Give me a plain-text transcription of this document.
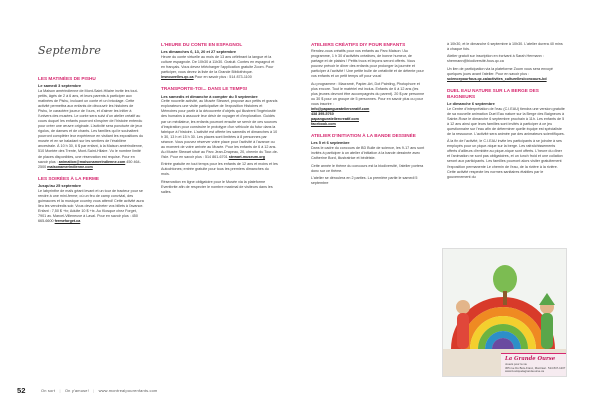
Septembre
LES MATINÉES DE PISHU
Le samedi 3 septembre

La Maison amérindienne de Mont-Saint-Hilaire invite les tout-petits, âgés de 2 à 6 ans, et leurs parents à participer aux matinées de Pishu, incluant un conte et un bricolage. Cette activité permettra aux enfants de découvrir les histoires de Pishu, le caractère joueur de l'ours, et d'aimer les initier à l'univers des musées. Le conte sera suivi d'un atelier créatif au cours duquel les enfants pourront s'inspirer de l'histoire entendu pour créer une œuvre originale. L'activité sera ponctuée de jeux rigolos, de danses et de chants. Les familles qui le souhaitent pourront compléter leur expérience en visitant les expositions du musée et en se baladant sur les sentiers de l'érablière ancestrale. À 10 h 30, 6 $ par enfant, à la Maison amérindienne, 510 Montée des Trente, Mont-Saint-Hilaire. Vu le nombre limité de places disponibles, une réservation est requise. Pour en savoir plus : animation@maisonamerindienne.com 450 464-2500 maisonamerindienne.com

LES SOIRÉES À LA FERME
Jusqu'au 25 septembre

Le labyrinthe de maïs géant levant et un tour de tracteur pour se rendre à une mini-ferme; où un feu de camp convivial, des guimauves et la musique country vous attend! Cette activité aura lieu les vendredis soir. Vous devez acheter vos billets à l'avance. Enfant : 7,50 $ +tx; Adulte 10 $ +tx. Au Kiosque chez Forget, 7901 av. Marcel-Villeneuve à Laval. Pour en savoir plus : 450 665-6600 fermeforget.ca

L'HEURE DU CONTE EN ESPAGNOL
Les dimanches 6, 13, 20 et 27 septembre

Heure du conte virtuelle au mois de 13 ans célébrant la langue et la culture espagnole. De 10h30 à 11h30. Gratuit. Contes en espagnol et en français. Vous devez télécharger l'application gratuite Zoom. Pour participer, vous devez la liste de la Grande Bibliothèque. lesnouvelles.qc.ca Pour en savoir plus : 514 873-1100

TRANSPORTE-TOI... DANS LE TEMPS!
Les samedis et dimanche à compter du 5 septembre

Cette nouvelle activité, au Musée Stewart, propose aux petits et grands explorateurs une visite participative de l'exposition Histoires et Mémoires pour partir à la découverte d'objets qui illustrent l'ingéniosité des humains à assouvir leur désir de voyager et d'exploration. Guidés par un médiateur, les enfants pourront ensuite se servir de ces sources d'inspiration pour construire le prototype d'un véhicule du futur dans la fabrique à l'histoire. L'activité est offerte les samedis et dimanches à 10 h 30, 13 h et 15 h 30. Les places sont limitées à 8 personnes par séance. Vous pouvez réserver votre place pour l'activité à l'avance ou au moment de votre arrivée au Musée. Pour les enfants de 6 à 12 ans. Au Musée Stewart situé au Parc Jean-Drapeau, 20, chemin du Tour-de-l'Isle. Pour en savoir plus : 514 861-6701 stewart-museum.org

Entrée gratuite en tout temps pour les enfants de 12 ans et moins et les Autochtones; entrée gratuite pour tous les premiers dimanches du mois.

Réservation en ligne obligatoire pour le Musée via la plateforme Eventbrite afin de respecter le nombre maximal de visiteurs dans les salles.

ATELIERS CRÉATIFS DIY POUR ENFANTS

Rendez-vous créatifs pour vos enfants au Parc Maison ! Au programme, 1 h 30 d'activités créatives, de bonne humeur, de partage et de plaisirs ! Petits trucs et leçons seront offerts. Vous pouvez prévoir le dîner des enfants pour prolonger la journée et participer à l'activité ! Une petite bulle de créativité et de détente pour vos enfants et un petit temps off pour vous!

Au programme : Macramé, Papier-Art, Dot Painting, Photophore et plus encore. Tout le matériel est inclus. Enfants de 6 à 12 ans (les plus jeunes devront être accompagnés du parent). 20 $ par personne ou 30 $ pour un groupe de 5 personnes. Pour en savoir plus ou pour vous inscrire :
info@papangueateliercreatif.com
438 395-5760
papangueateliercreatif.com
facebook.com

ATELIER D'INITIATION À LA BANDE DESSINÉE
Les 5 et 6 septembre

Dans le cadre du concours de BD Bulle de science, les 9-17 ans sont invités à participer à un atelier d'initiation à la bande dessinée avec Catherine Bord, illustratrice et bédéiste.

Cette année le thème du concours est la biodiversité, l'atelier portera donc sur ce thème.

L'atelier se déroulera en 2 parties. La première partie le samedi 5 septembre

à 10h30, et le dimanche 6 septembre à 10h30. L'atelier durera 40 mins à chaque fois.

Atelier gratuit sur inscription en écrivant à Sarah Hermann : shermann@biodiversité-fous.qc.ca

Un lien de participation via la plateforme Zoom vous sera envoyé quelques jours avant l'atelier. Pour en savoir plus : sciencepourfous.qc.ca/activites_culturelles/concours-bd

DUEL EAU NATURE SUR LA BERGE DES BAIGNEURS
Le dimanche 6 septembre

Le Centre d'interprétation de l'eau (C.I.EAU) tiendra une version gratuite de sa nouvelle animation Duel Eau nature sur la Berge des Baigneurs à Sainte-Rose le dimanche 6 septembre prochain à 11h. Les enfants de 5 à 12 ans ainsi que leurs familles sont invités à participer à ce jeu questionnaire sur l'eau afin de déterminer quelle équipe est spécialiste de la ressource. L'activité sera animée par des animateurs scientifiques.

À la fin de l'activité, le C.I.EAU invite les participants à se joindre à ses employés pour un pique-nique sur la berge. Les rafraîchissements offerts d'ailleurs d'emblée au pique-nique sont offerts. L'heure du dîner et l'animation ne sont pas obligatoires, et un lunch froid et une collation seront aux participants. Les familles pourront alors visiter gratuitement l'exposition permanente Le chemin de l'eau, de la rivière à la rivière. Cette activité respecte les normes sanitaires établies par le gouvernement du

La Grande Ourse
Jouets pour la vie
305 rue Du Bois-Franc, Montréal · 514 847-1207
www.boutiquelagrandeourse.ca
52	On sort | On y'amuse! | www.montrealpourenfants.com
